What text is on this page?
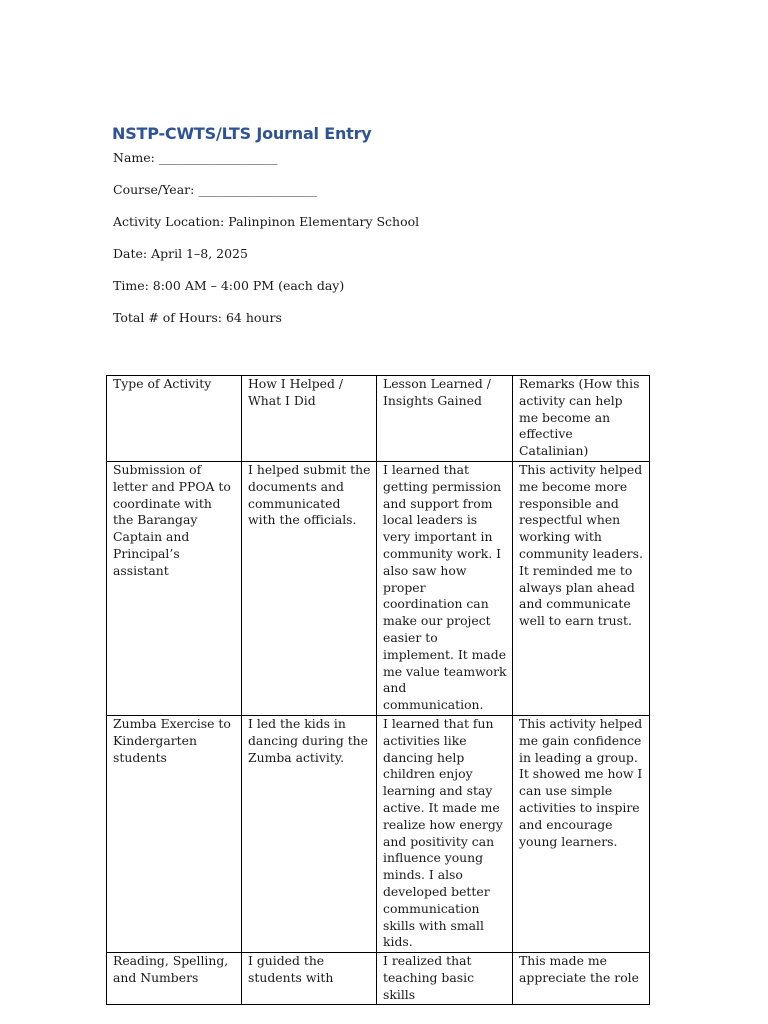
NSTP-CWTS/LTS Journal Entry
Name: ___________________
Course/Year: ___________________
Activity Location: Palinpinon Elementary School
Date: April 1–8, 2025
Time: 8:00 AM – 4:00 PM (each day)
Total # of Hours: 64 hours
Type of Activity	How I Helped / What I Did	Lesson Learned / Insights Gained	Remarks (How this activity can help me become an effective Catalinian)
Submission of letter and PPOA to coordinate with the Barangay Captain and Principal’s assistant	I helped submit the documents and communicated with the officials.	I learned that getting permission and support from local leaders is very important in community work. I also saw how proper coordination can make our project easier to implement. It made me value teamwork and communication.	This activity helped me become more responsible and respectful when working with community leaders. It reminded me to always plan ahead and communicate well to earn trust.
Zumba Exercise to Kindergarten students	I led the kids in dancing during the Zumba activity.	I learned that fun activities like dancing help children enjoy learning and stay active. It made me realize how energy and positivity can influence young minds. I also developed better communication skills with small kids.	This activity helped me gain confidence in leading a group. It showed me how I can use simple activities to inspire and encourage young learners.
Reading, Spelling, and Numbers	I guided the students with	I realized that teaching basic skills	This made me appreciate the role
